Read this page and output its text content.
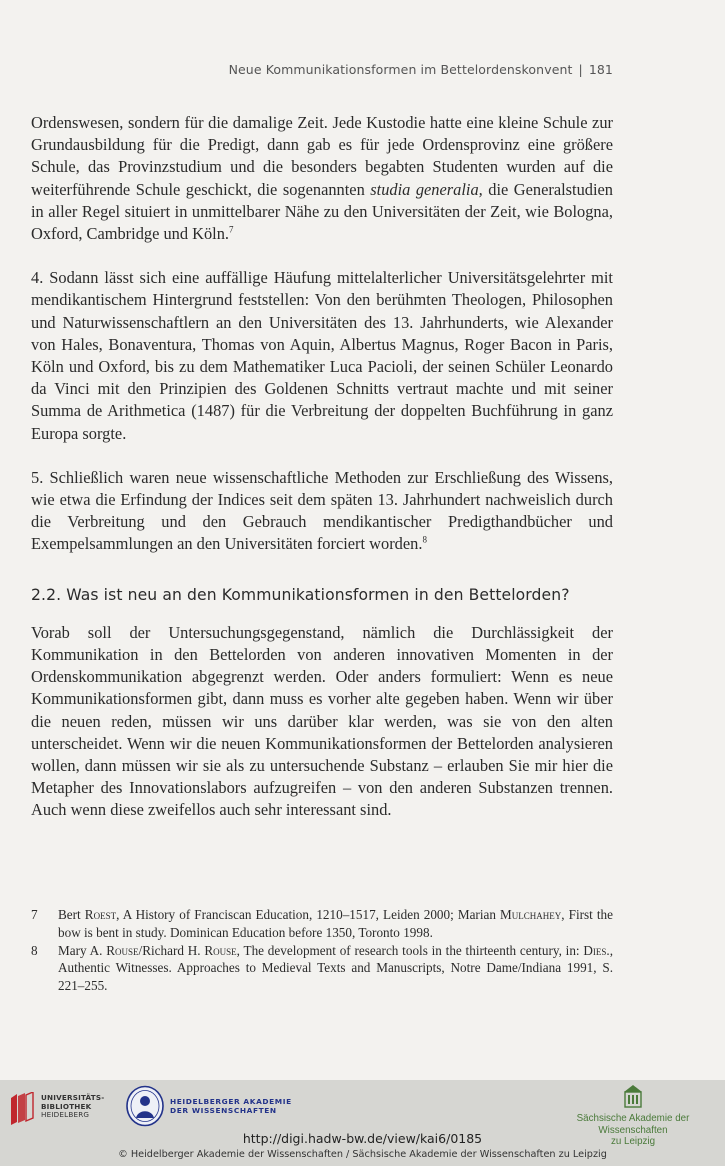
Neue Kommunikationsformen im Bettelordenskonvent | 181

Ordenswesen, sondern für die damalige Zeit. Jede Kustodie hatte eine kleine Schule zur Grundausbildung für die Predigt, dann gab es für jede Ordensprovinz eine größere Schule, das Provinzstudium und die besonders begabten Studenten wurden auf die weiterführende Schule geschickt, die sogenannten studia generalia, die Generalstudien in aller Regel situiert in unmittelbarer Nähe zu den Universitäten der Zeit, wie Bologna, Oxford, Cambridge und Köln.$^7$

4. Sodann lässt sich eine auffällige Häufung mittelalterlicher Universitätsgelehrter mit mendikantischem Hintergrund feststellen: Von den berühmten Theologen, Philosophen und Naturwissenschaftlern an den Universitäten des 13. Jahrhunderts, wie Alexander von Hales, Bonaventura, Thomas von Aquin, Albertus Magnus, Roger Bacon in Paris, Köln und Oxford, bis zu dem Mathematiker Luca Pacioli, der seinen Schüler Leonardo da Vinci mit den Prinzipien des Goldenen Schnitts vertraut machte und mit seiner Summa de Arithmetica (1487) für die Verbreitung der doppelten Buchführung in ganz Europa sorgte.

5. Schließlich waren neue wissenschaftliche Methoden zur Erschließung des Wissens, wie etwa die Erfindung der Indices seit dem späten 13. Jahrhundert nachweislich durch die Verbreitung und den Gebrauch mendikantischer Predigthandbücher und Exempelsammlungen an den Universitäten forciert worden.$^8$

2.2. Was ist neu an den Kommunikationsformen in den Bettelorden?

Vorab soll der Untersuchungsgegenstand, nämlich die Durchlässigkeit der Kommunikation in den Bettelorden von anderen innovativen Momenten in der Ordenskommunikation abgegrenzt werden. Oder anders formuliert: Wenn es neue Kommunikationsformen gibt, dann muss es vorher alte gegeben haben. Wenn wir über die neuen reden, müssen wir uns darüber klar werden, was sie von den alten unterscheidet. Wenn wir die neuen Kommunikationsformen der Bettelorden analysieren wollen, dann müssen wir sie als zu untersuchende Substanz – erlauben Sie mir hier die Metapher des Innovationslabors aufzugreifen – von den anderen Substanzen trennen. Auch wenn diese zweifellos auch sehr interessant sind.

7 Bert Roest, A History of Franciscan Education, 1210–1517, Leiden 2000; Marian Mulchahey, First the bow is bent in study. Dominican Education before 1350, Toronto 1998.
8 Mary A. Rouse/Richard H. Rouse, The development of research tools in the thirteenth century, in: Dies., Authentic Witnesses. Approaches to Medieval Texts and Manuscripts, Notre Dame/Indiana 1991, S. 221–255.
UNIVERSITÄTS-
BIBLIOTHEK
HEIDELBERG
HEIDELBERGER AKADEMIE
DER WISSENSCHAFTEN
Sächsische Akademie der Wissenschaften
zu Leipzig
http://digi.hadw-bw.de/view/kai6/0185
© Heidelberger Akademie der Wissenschaften / Sächsische Akademie der Wissenschaften zu Leipzig
